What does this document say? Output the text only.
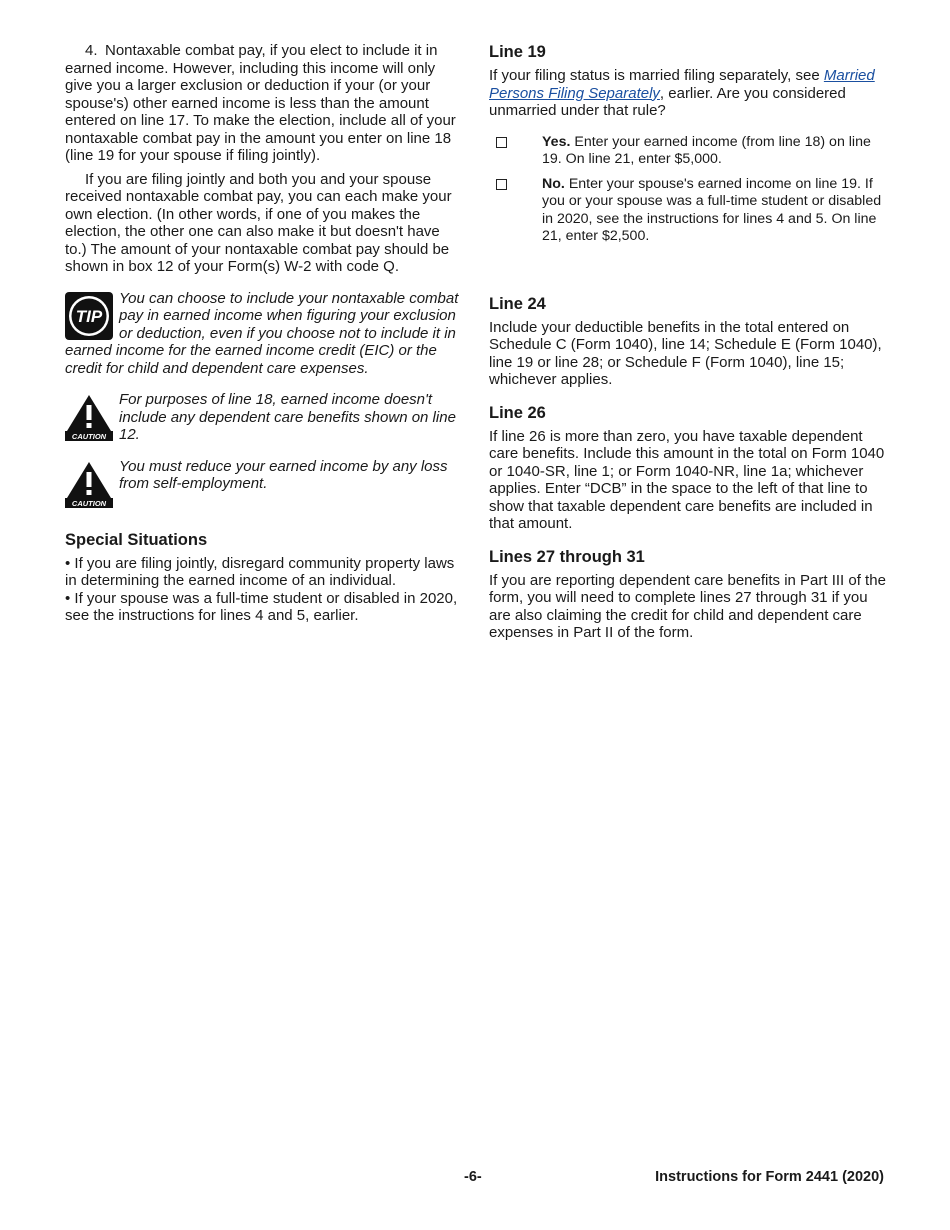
4. Nontaxable combat pay, if you elect to include it in earned income. However, including this income will only give you a larger exclusion or deduction if your (or your spouse's) other earned income is less than the amount entered on line 17. To make the election, include all of your nontaxable combat pay in the amount you enter on line 18 (line 19 for your spouse if filing jointly).

If you are filing jointly and both you and your spouse received nontaxable combat pay, you can each make your own election. (In other words, if one of you makes the election, the other one can also make it but doesn't have to.) The amount of your nontaxable combat pay should be shown in box 12 of your Form(s) W-2 with code Q.

TIP
You can choose to include your nontaxable combat pay in earned income when figuring your exclusion or deduction, even if you choose not to include it in earned income for the earned income credit (EIC) or the credit for child and dependent care expenses.
CAUTION
For purposes of line 18, earned income doesn't include any dependent care benefits shown on line 12.
CAUTION
You must reduce your earned income by any loss from self-employment.
Special Situations

• If you are filing jointly, disregard community property laws in determining the earned income of an individual.

• If your spouse was a full-time student or disabled in 2020, see the instructions for lines 4 and 5, earlier.

Line 19

If your filing status is married filing separately, see Married Persons Filing Separately, earlier. Are you considered unmarried under that rule?

Yes. Enter your earned income (from line 18) on line 19. On line 21, enter $5,000.
No. Enter your spouse's earned income on line 19. If you or your spouse was a full-time student or disabled in 2020, see the instructions for lines 4 and 5. On line 21, enter $2,500.
Line 24

Include your deductible benefits in the total entered on Schedule C (Form 1040), line 14; Schedule E (Form 1040), line 19 or line 28; or Schedule F (Form 1040), line 15; whichever applies.

Line 26

If line 26 is more than zero, you have taxable dependent care benefits. Include this amount in the total on Form 1040 or 1040-SR, line 1; or Form 1040-NR, line 1a; whichever applies. Enter “DCB” in the space to the left of that line to show that taxable dependent care benefits are included in that amount.

Lines 27 through 31

If you are reporting dependent care benefits in Part III of the form, you will need to complete lines 27 through 31 if you are also claiming the credit for child and dependent care expenses in Part II of the form.

-6-	Instructions for Form 2441 (2020)
